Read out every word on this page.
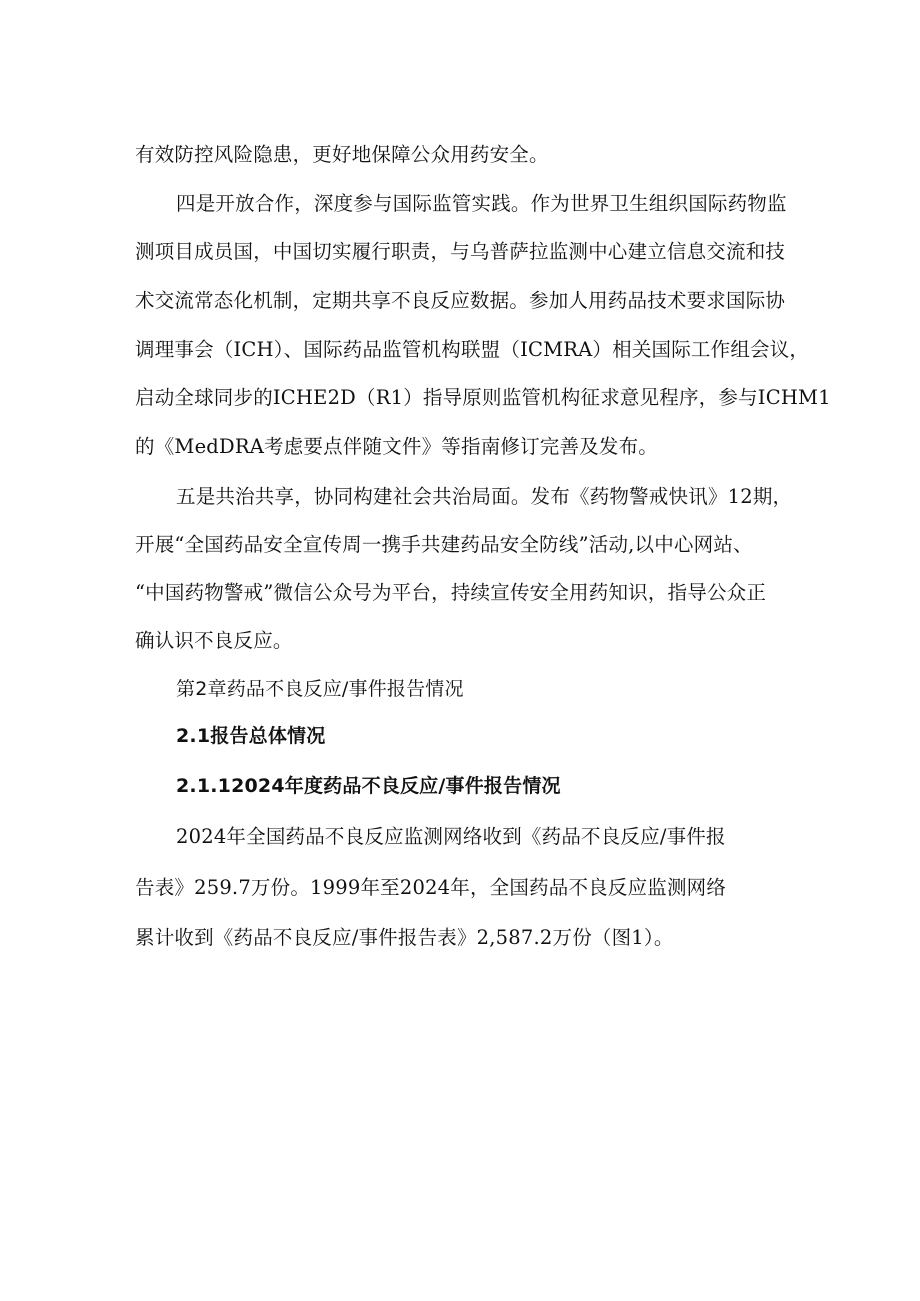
有效防控风险隐患，更好地保障公众用药安全。
四是开放合作，深度参与国际监管实践。作为世界卫生组织国际药物监
测项目成员国，中国切实履行职责，与乌普萨拉监测中心建立信息交流和技
术交流常态化机制，定期共享不良反应数据。参加人用药品技术要求国际协
调理事会（ICH）、国际药品监管机构联盟（ICMRA）相关国际工作组会议，
启动全球同步的ICHE2D（R1）指导原则监管机构征求意见程序，参与ICHM1
的《MedDRA考虑要点伴随文件》等指南修订完善及发布。
五是共治共享，协同构建社会共治局面。发布《药物警戒快讯》12期，
开展“全国药品安全宣传周一携手共建药品安全防线”活动,以中心网站、
“中国药物警戒”微信公众号为平台，持续宣传安全用药知识，指导公众正
确认识不良反应。
第2章药品不良反应/事件报告情况
2.1报告总体情况
2.1.12024年度药品不良反应/事件报告情况
2024年全国药品不良反应监测网络收到《药品不良反应/事件报
告表》259.7万份。1999年至2024年，全国药品不良反应监测网络
累计收到《药品不良反应/事件报告表》2,587.2万份（图1）。
